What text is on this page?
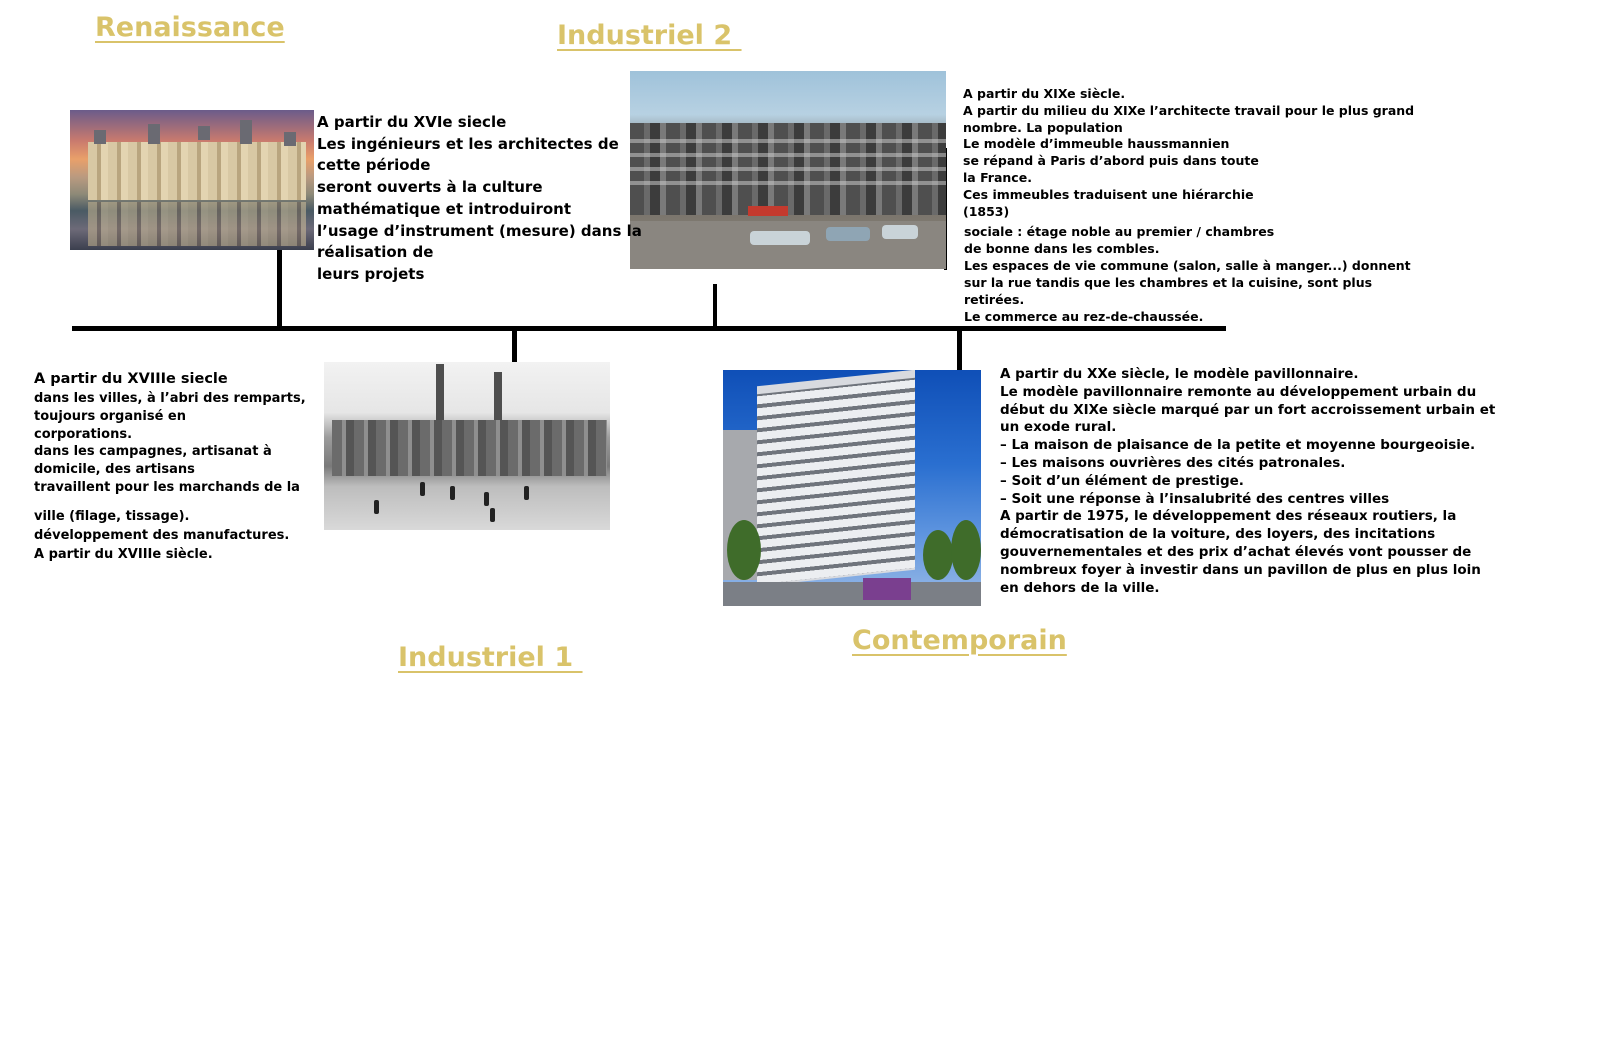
Renaissance	Industriel 2
Industriel 1
Contemporain
A partir du XVIe siecle
Les ingénieurs et les architectes de
cette période
seront ouverts à la culture
mathématique et introduiront
l’usage d’instrument (mesure) dans la
réalisation de
leurs projets
A partir du XIXe siècle.
A partir du milieu du XIXe l’architecte travail pour le plus grand
nombre. La population
Le modèle d’immeuble haussmannien
se répand à Paris d’abord puis dans toute
la France.
Ces immeubles traduisent une hiérarchie
(1853)
sociale : étage noble au premier / chambres
de bonne dans les combles.
Les espaces de vie commune (salon, salle à manger...) donnent
sur la rue tandis que les chambres et la cuisine, sont plus
retirées.
Le commerce au rez-de-chaussée.
A partir du XVIIIe siecle
dans les villes, à l’abri des remparts,
toujours organisé en
corporations.
dans les campagnes, artisanat à
domicile, des artisans
travaillent pour les marchands de la
ville (filage, tissage).
développement des manufactures.
A partir du XVIIIe siècle.
A partir du XXe siècle, le modèle pavillonnaire.
Le modèle pavillonnaire remonte au développement urbain du
début du XIXe siècle marqué par un fort accroissement urbain et
un exode rural.
– La maison de plaisance de la petite et moyenne bourgeoisie.
– Les maisons ouvrières des cités patronales.
– Soit d’un élément de prestige.
– Soit une réponse à l’insalubrité des centres villes
A partir de 1975, le développement des réseaux routiers, la
démocratisation de la voiture, des loyers, des incitations
gouvernementales et des prix d’achat élevés vont pousser de
nombreux foyer à investir dans un pavillon de plus en plus loin
en dehors de la ville.
